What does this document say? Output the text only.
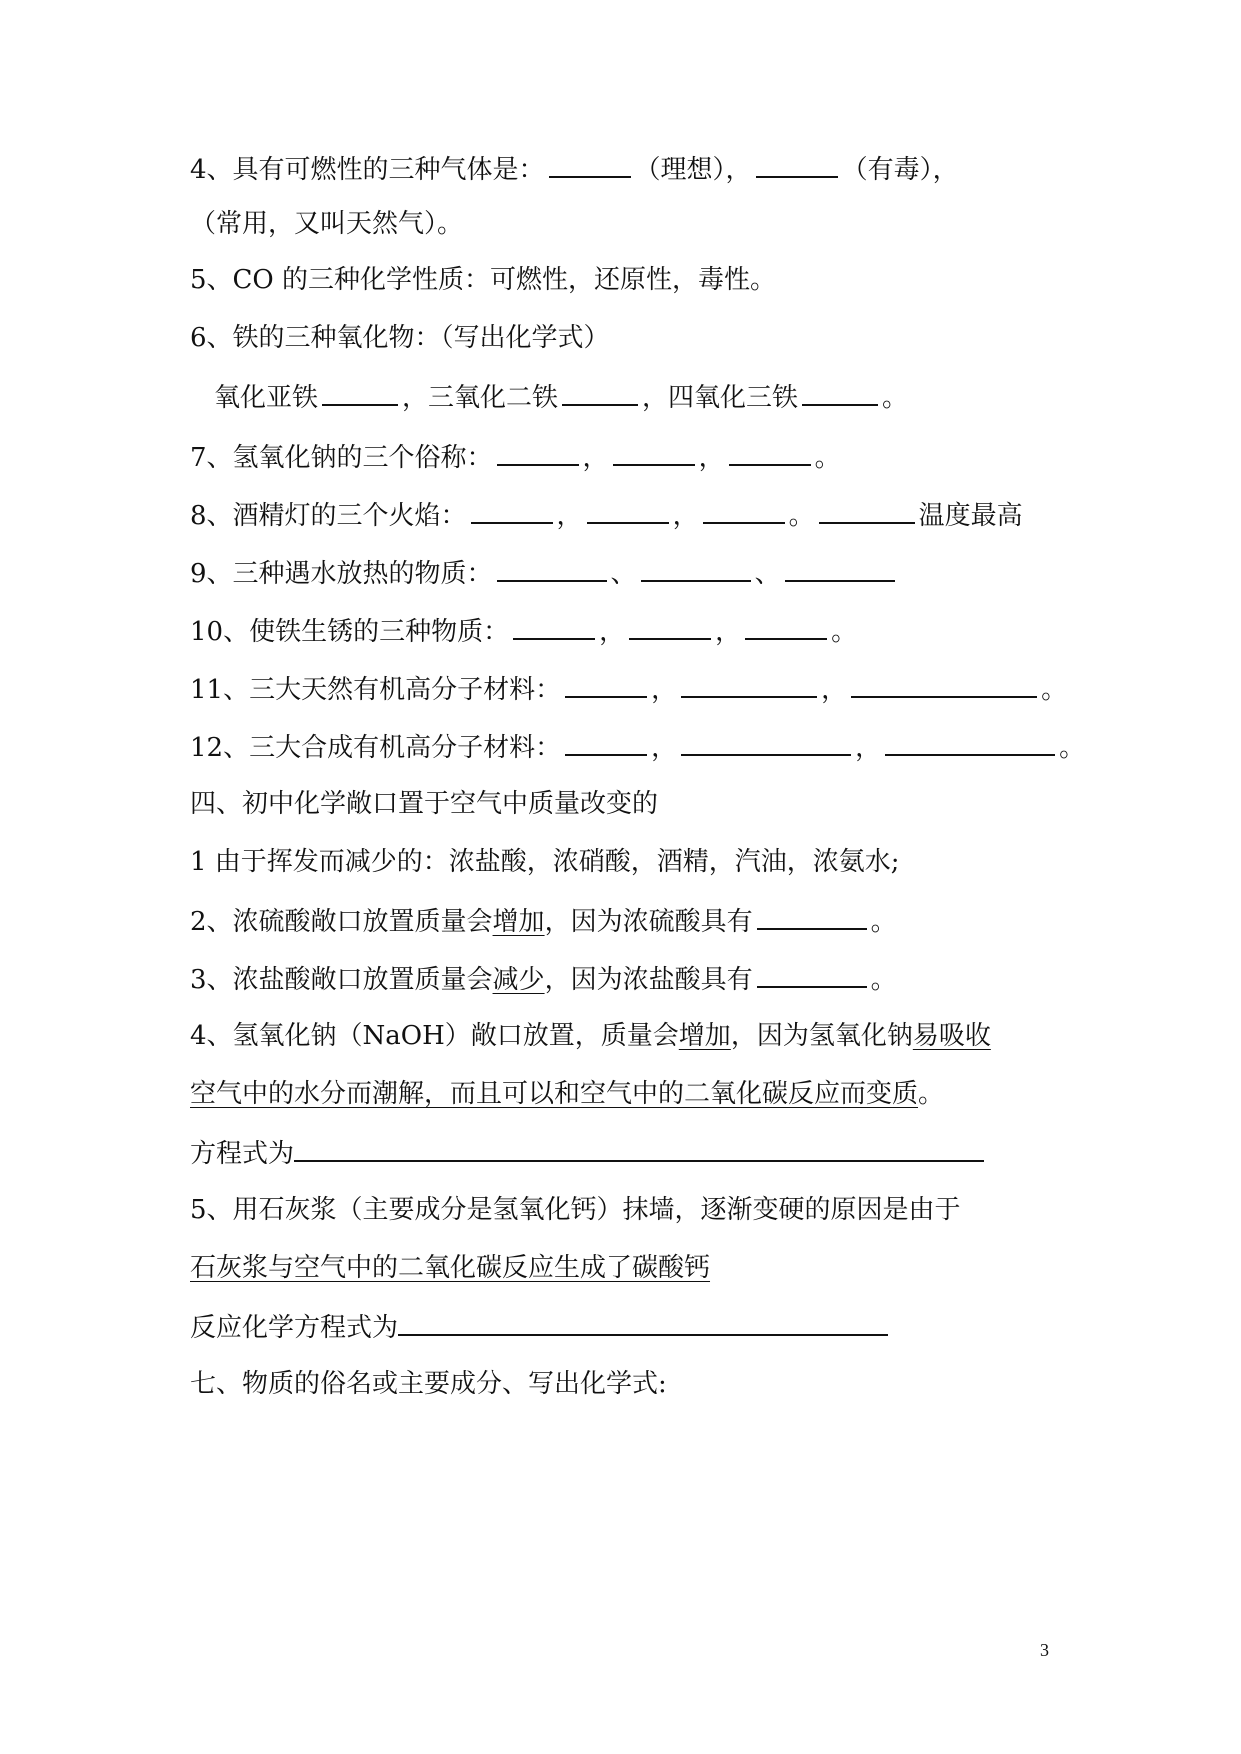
4、具有可燃性的三种气体是：	（理想），	（有毒），
（常用，又叫天然气）。
5、CO 的三种化学性质：可燃性，还原性，毒性。
6、铁的三种氧化物：（写出化学式）
氧化亚铁	，三氧化二铁	，四氧化三铁	。
7、氢氧化钠的三个俗称：	，	，	。
8、酒精灯的三个火焰：	，	，	。	温度最高
9、三种遇水放热的物质：	、	、
10、使铁生锈的三种物质：	，	，	。
11、三大天然有机高分子材料：	，	，	。
12、三大合成有机高分子材料：	，	，	。
四、初中化学敞口置于空气中质量改变的
1 由于挥发而减少的：浓盐酸，浓硝酸，酒精，汽油，浓氨水;
2、浓硫酸敞口放置质量会增加，因为浓硫酸具有	。
3、浓盐酸敞口放置质量会减少，因为浓盐酸具有	。
4、氢氧化钠（NaOH）敞口放置，质量会增加，因为氢氧化钠易吸收
空气中的水分而潮解，而且可以和空气中的二氧化碳反应而变质。
方程式为
5、用石灰浆（主要成分是氢氧化钙）抹墙，逐渐变硬的原因是由于
石灰浆与空气中的二氧化碳反应生成了碳酸钙
反应化学方程式为
七、物质的俗名或主要成分、写出化学式:
3
